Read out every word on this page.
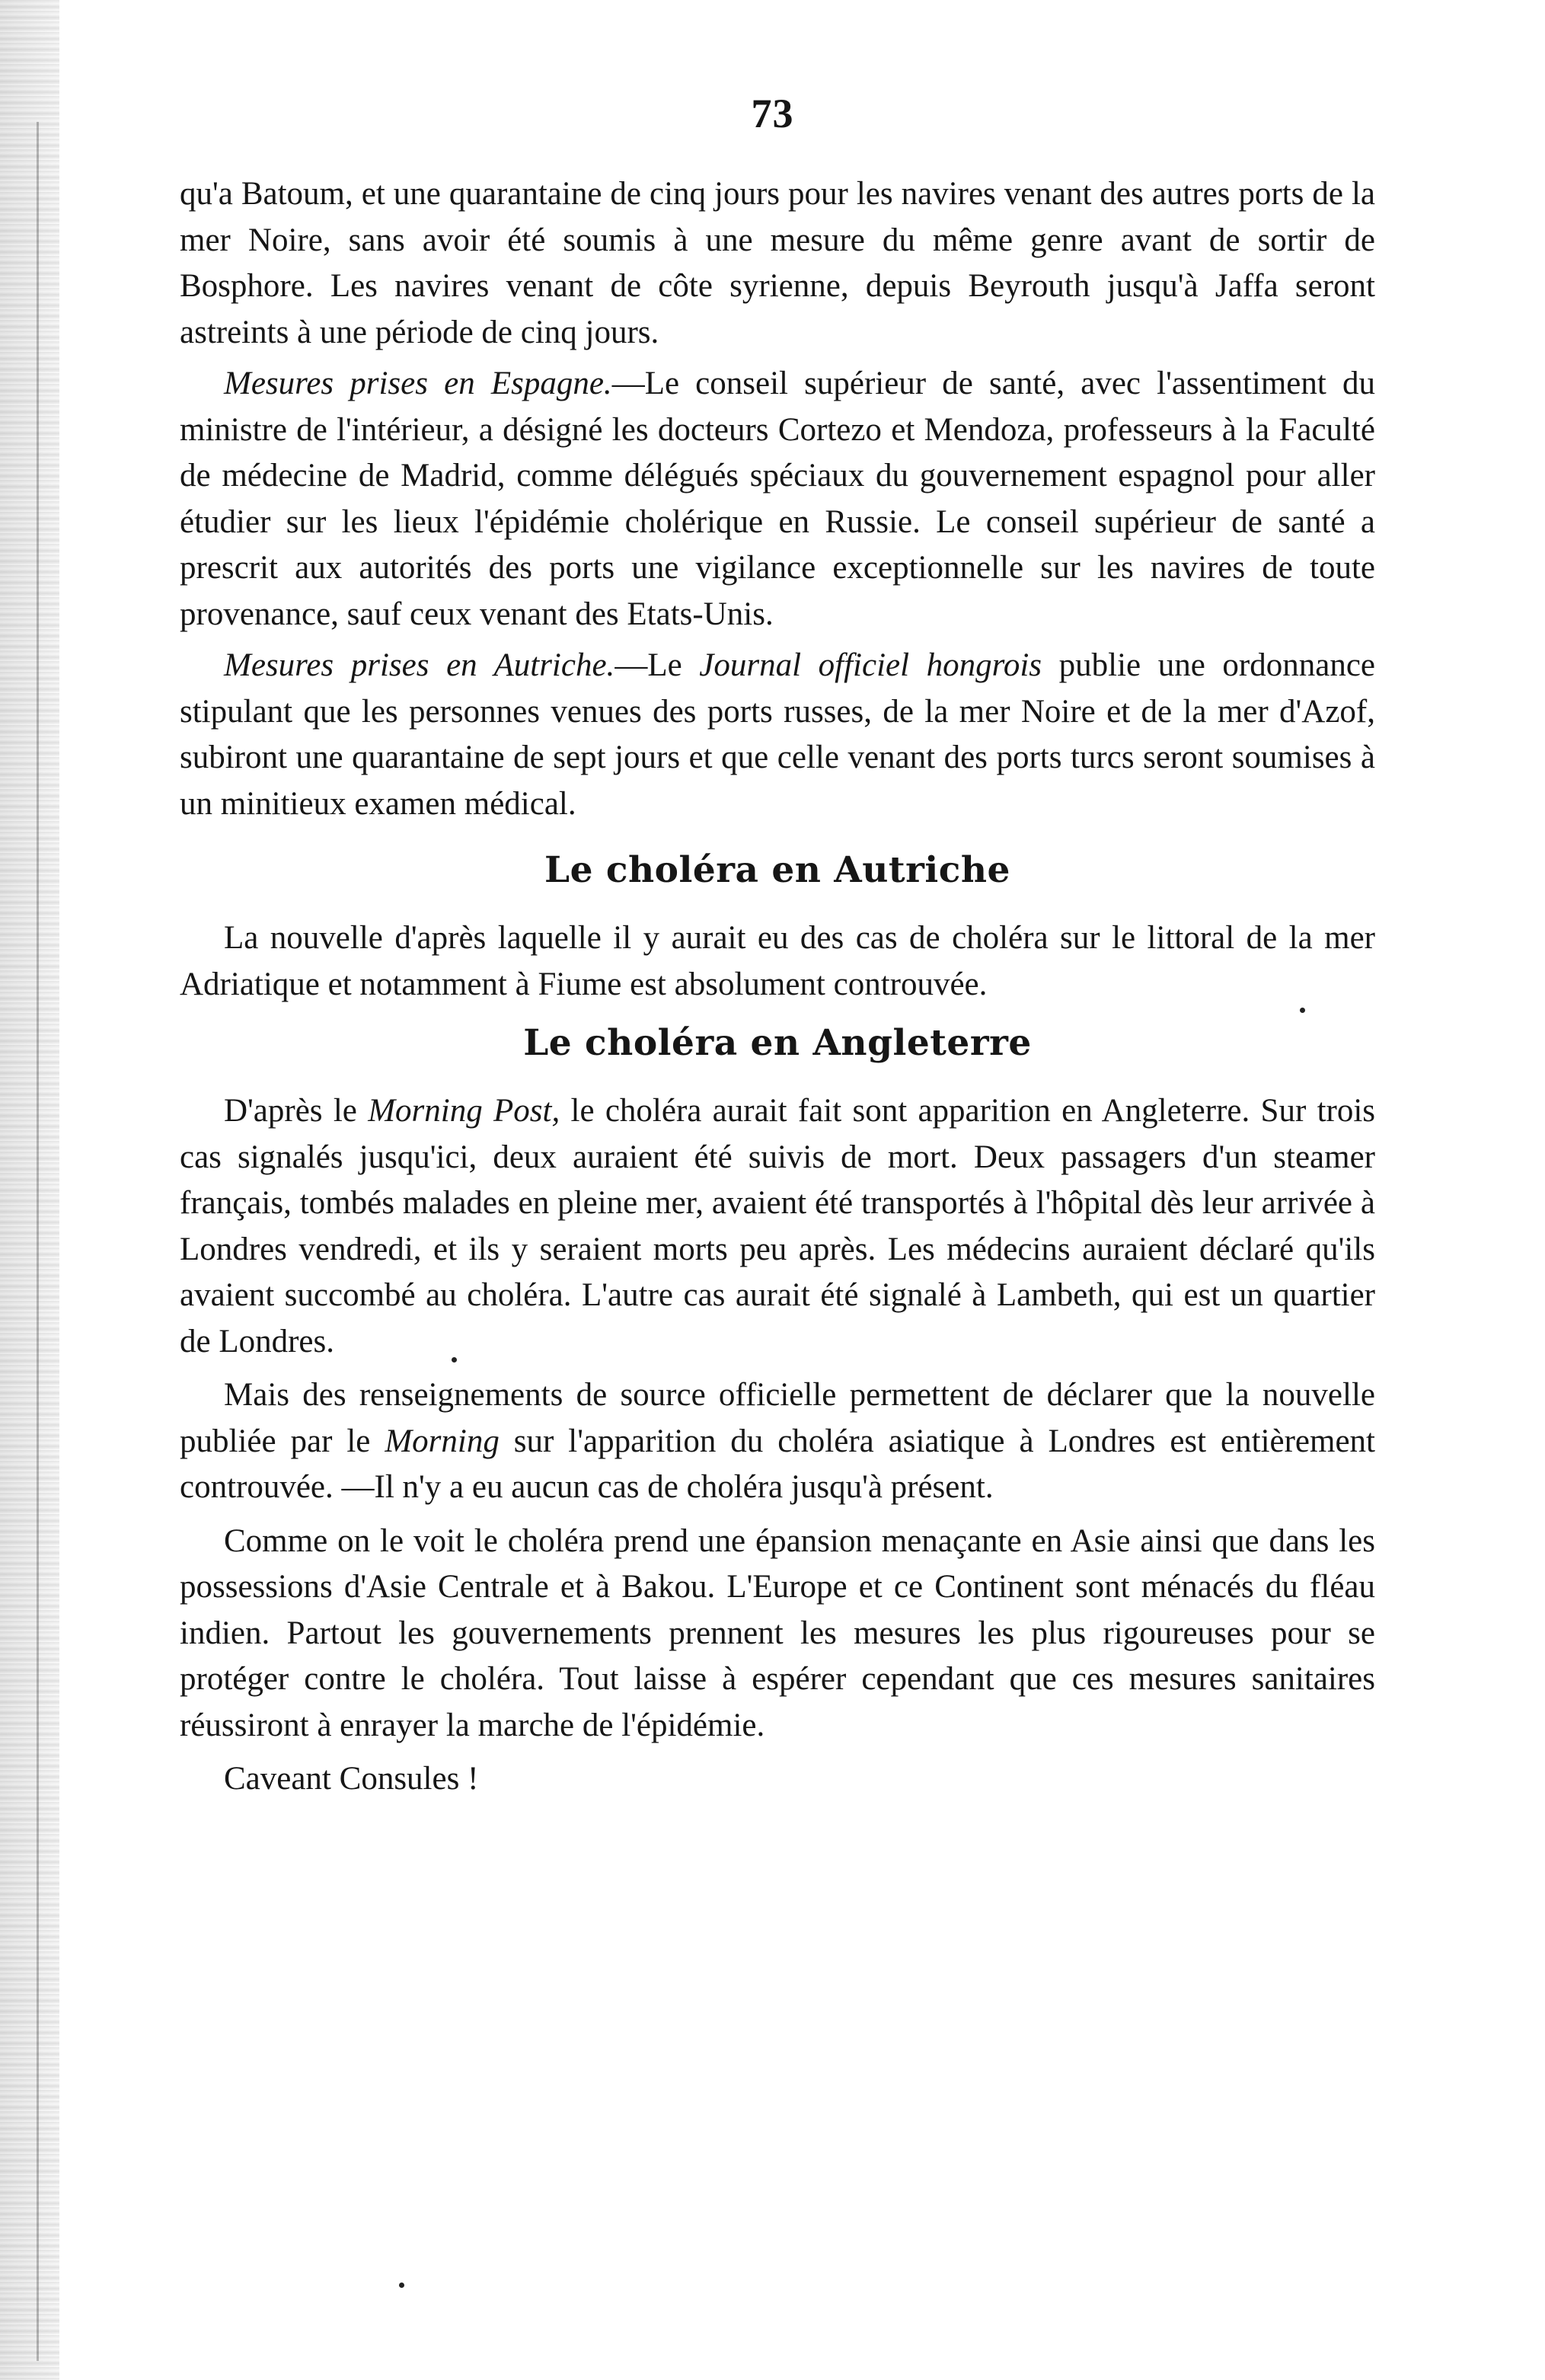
73

qu'a Batoum, et une quarantaine de cinq jours pour les navires venant des autres ports de la mer Noire, sans avoir été soumis à une mesure du même genre avant de sortir de Bosphore. Les navires venant de côte syrienne, depuis Beyrouth jusqu'à Jaffa seront astreints à une période de cinq jours.

Mesures prises en Espagne.—Le conseil supérieur de santé, avec l'assentiment du ministre de l'intérieur, a désigné les docteurs Cortezo et Mendoza, professeurs à la Faculté de médecine de Madrid, comme délégués spéciaux du gouvernement espagnol pour aller étudier sur les lieux l'épidémie cholérique en Russie. Le conseil supérieur de santé a prescrit aux autorités des ports une vigilance exceptionnelle sur les navires de toute provenance, sauf ceux venant des Etats-Unis.

Mesures prises en Autriche.—Le Journal officiel hongrois publie une ordonnance stipulant que les personnes venues des ports russes, de la mer Noire et de la mer d'Azof, subiront une quarantaine de sept jours et que celle venant des ports turcs seront soumises à un minitieux examen médical.

Le choléra en Autriche

La nouvelle d'après laquelle il y aurait eu des cas de choléra sur le littoral de la mer Adriatique et notamment à Fiume est absolument controuvée.

Le choléra en Angleterre

D'après le Morning Post, le choléra aurait fait sont apparition en Angleterre. Sur trois cas signalés jusqu'ici, deux auraient été suivis de mort. Deux passagers d'un steamer français, tombés malades en pleine mer, avaient été transportés à l'hôpital dès leur arrivée à Londres vendredi, et ils y seraient morts peu après. Les médecins auraient déclaré qu'ils avaient succombé au choléra. L'autre cas aurait été signalé à Lambeth, qui est un quartier de Londres.

Mais des renseignements de source officielle permettent de déclarer que la nouvelle publiée par le Morning sur l'apparition du choléra asiatique à Londres est entièrement controuvée. —Il n'y a eu aucun cas de choléra jusqu'à présent.

Comme on le voit le choléra prend une épansion menaçante en Asie ainsi que dans les possessions d'Asie Centrale et à Bakou. L'Europe et ce Continent sont ménacés du fléau indien. Partout les gouvernements prennent les mesures les plus rigoureuses pour se protéger contre le choléra. Tout laisse à espérer cependant que ces mesures sanitaires réussiront à enrayer la marche de l'épidémie.

Caveant Consules !
